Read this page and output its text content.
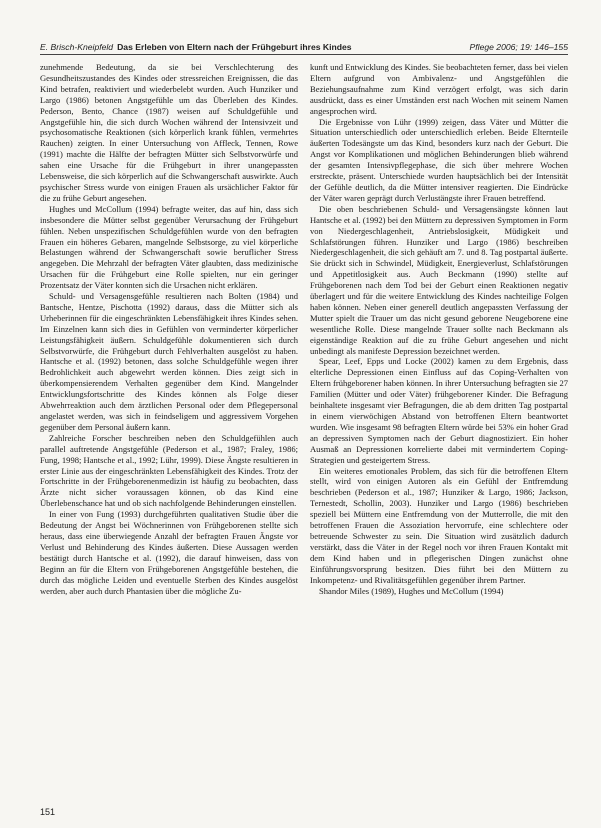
E. Brisch-Kneipfeld Das Erleben von Eltern nach der Frühgeburt ihres Kindes	Pflege 2006; 19: 146–155

zunehmende Bedeutung, da sie bei Verschlechterung des Gesundheitszustandes des Kindes oder stressreichen Ereignissen, die das Kind betrafen, reaktiviert und wiederbelebt wurden. Auch Hunziker und Largo (1986) betonen Angstgefühle um das Überleben des Kindes. Pederson, Bento, Chance (1987) weisen auf Schuldgefühle und Angstgefühle hin, die sich durch Wochen während der Intensivzeit und psychosomatische Reaktionen (sich körperlich krank fühlen, vermehrtes Rauchen) zeigten. In einer Untersuchung von Affleck, Tennen, Rowe (1991) machte die Hälfte der befragten Mütter sich Selbstvorwürfe und sahen eine Ursache für die Frühgeburt in ihrer unangepassten Lebensweise, die sich körperlich auf die Schwangerschaft auswirkte. Auch psychischer Stress wurde von einigen Frauen als ursächlicher Faktor für die zu frühe Geburt angesehen.

Hughes und McCollum (1994) befragte weiter, das auf hin, dass sich insbesondere die Mütter selbst gegenüber Verursachung der Frühgeburt fühlen. Neben unspezifischen Schuldgefühlen wurde von den befragten Frauen ein höheres Gebaren, mangelnde Selbstsorge, zu viel körperliche Belastungen während der Schwangerschaft sowie beruflicher Stress angegeben. Die Mehrzahl der befragten Väter glaubten, dass medizinische Ursachen für die Frühgeburt eine Rolle spielten, nur ein geringer Prozentsatz der Väter konnten sich die Ursachen nicht erklären.

Schuld- und Versagensgefühle resultieren nach Bolten (1984) und Bantsche, Hentze, Pischotta (1992) daraus, dass die Mütter sich als Urheberinnen für die eingeschränkten Lebensfähigkeit ihres Kindes sehen. Im Einzelnen kann sich dies in Gefühlen von verminderter körperlicher Leistungsfähigkeit äußern. Schuldgefühle dokumentieren sich durch Selbstvorwürfe, die Frühgeburt durch Fehlverhalten ausgelöst zu haben. Hantsche et al. (1992) betonen, dass solche Schuldgefühle wegen ihrer Bedrohlichkeit auch abgewehrt werden können. Dies zeigt sich in überkompensierendem Verhalten gegenüber dem Kind. Mangelnder Entwicklungsfortschritte des Kindes können als Folge dieser Abwehrreaktion auch dem ärztlichen Personal oder dem Pflegepersonal angelastet werden, was sich in feindseligem und aggressivem Vorgehen gegenüber dem Personal äußern kann.

Zahlreiche Forscher beschreiben neben den Schuldgefühlen auch parallel auftretende Angstgefühle (Pederson et al., 1987; Fraley, 1986; Fung, 1998; Hantsche et al., 1992; Lühr, 1999). Diese Ängste resultieren in erster Linie aus der eingeschränkten Lebensfähigkeit des Kindes. Trotz der Fortschritte in der Frühgeborenenmedizin ist häufig zu beobachten, dass Ärzte nicht sicher voraussagen können, ob das Kind eine Überlebenschance hat und ob sich nachfolgende Behinderungen einstellen.

In einer von Fung (1993) durchgeführten qualitativen Studie über die Bedeutung der Angst bei Wöchnerinnen von Frühgeborenen stellte sich heraus, dass eine überwiegende Anzahl der befragten Frauen Ängste vor Verlust und Behinderung des Kindes äußerten. Diese Aussagen werden bestätigt durch Hantsche et al. (1992), die darauf hinweisen, dass von Beginn an für die Eltern von Frühgeborenen Angstgefühle bestehen, die durch das mögliche Leiden und eventuelle Sterben des Kindes ausgelöst werden, aber auch durch Phantasien über die mögliche Zu-

kunft und Entwicklung des Kindes. Sie beobachteten ferner, dass bei vielen Eltern aufgrund von Ambivalenz- und Angstgefühlen die Beziehungsaufnahme zum Kind verzögert erfolgt, was sich darin ausdrückt, dass es einer Umständen erst nach Wochen mit seinem Namen angesprochen wird.

Die Ergebnisse von Lühr (1999) zeigen, dass Väter und Mütter die Situation unterschiedlich oder unterschiedlich erleben. Beide Elternteile äußerten Todesängste um das Kind, besonders kurz nach der Geburt. Die Angst vor Komplikationen und möglichen Behinderungen blieb während der gesamten Intensivpflegephase, die sich über mehrere Wochen erstreckte, präsent. Unterschiede wurden hauptsächlich bei der Intensität der Gefühle deutlich, da die Mütter intensiver reagierten. Die Eindrücke der Väter waren geprägt durch Verlustängste ihrer Frauen betreffend.

Die oben beschriebenen Schuld- und Versagensängste können laut Hantsche et al. (1992) bei den Müttern zu depressiven Symptomen in Form von Niedergeschlagenheit, Antriebslosigkeit, Müdigkeit und Schlafstörungen führen. Hunziker und Largo (1986) beschreiben Niedergeschlagenheit, die sich gehäuft am 7. und 8. Tag postpartal äußerte. Sie drückt sich in Schwindel, Müdigkeit, Energieverlust, Schlafstörungen und Appetitlosigkeit aus. Auch Beckmann (1990) stellte auf Frühgeborenen nach dem Tod bei der Geburt einen Reaktionen negativ überlagert und für die weitere Entwicklung des Kindes nachteilige Folgen haben können. Neben einer generell deutlich angepassten Verfassung der Mutter spielt die Trauer um das nicht gesund geborene Neugeborene eine wesentliche Rolle. Diese mangelnde Trauer sollte nach Beckmann als eigenständige Reaktion auf die zu frühe Geburt angesehen und nicht unbedingt als manifeste Depression bezeichnet werden.

Spear, Leef, Epps und Locke (2002) kamen zu dem Ergebnis, dass elterliche Depressionen einen Einfluss auf das Coping-Verhalten von Eltern frühgeborener haben können. In ihrer Untersuchung befragten sie 27 Familien (Mütter und oder Väter) frühgeborener Kinder. Die Befragung beinhaltete insgesamt vier Befragungen, die ab dem dritten Tag postpartal in einem vierwöchigen Abstand von betroffenen Eltern beantwortet wurden. Wie insgesamt 98 befragten Eltern würde bei 53% ein hoher Grad an depressiven Symptomen nach der Geburt diagnostiziert. Ein hoher Ausmaß an Depressionen korrelierte dabei mit vermindertem Coping-Strategien und gesteigertem Stress.

Ein weiteres emotionales Problem, das sich für die betroffenen Eltern stellt, wird von einigen Autoren als ein Gefühl der Entfremdung beschrieben (Pederson et al., 1987; Hunziker & Largo, 1986; Jackson, Ternestedt, Schollin, 2003). Hunziker und Largo (1986) beschrieben speziell bei Müttern eine Entfremdung von der Mutterrolle, die mit den betroffenen Frauen die Assoziation hervorrufe, eine schlechtere oder betreuende Schwester zu sein. Die Situation wird zusätzlich dadurch verstärkt, dass die Väter in der Regel noch vor ihren Frauen Kontakt mit dem Kind haben und in pflegerischen Dingen zunächst ohne Einführungsvorsprung besitzen. Dies führt bei den Müttern zu Inkompetenz- und Rivalitätsgefühlen gegenüber ihrem Partner.

Shandor Miles (1989), Hughes und McCollum (1994)

151
